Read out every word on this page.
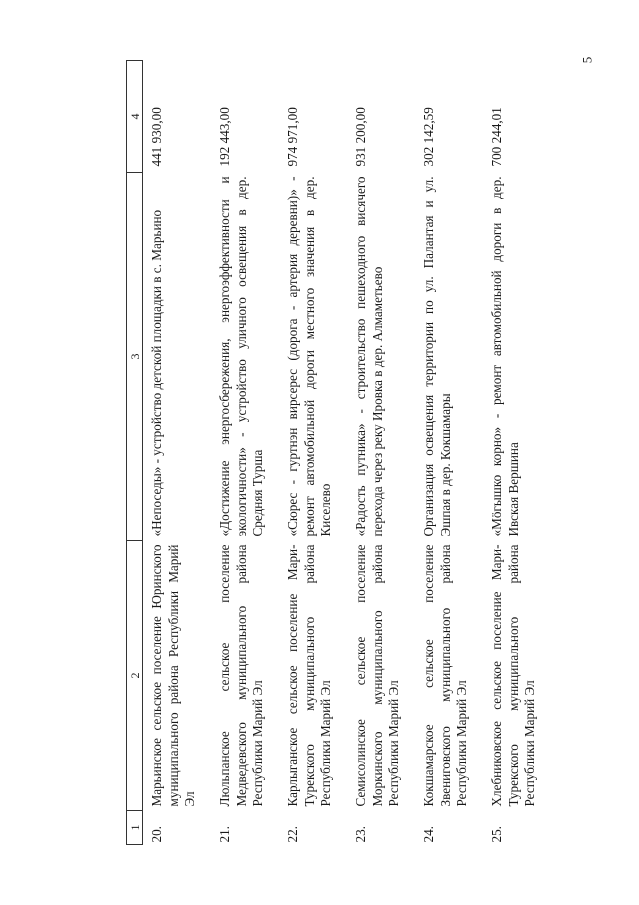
5
1	2	3	4
20.	Марьинское сельское поселение Юринского муниципального района Республики Марий Эл	«Непоседы» - устройство детской площадки в с. Марьино	441 930,00
21.	Люльпанское сельское поселение Медведевского муниципального района Республики Марий Эл	«Достижение энергосбережения, энергоэффективности и экологичности» - устройство уличного освещения в дер. Средняя Турша	192 443,00
22.	Карлыганское сельское поселение Мари-Турекского муниципального района Республики Марий Эл	«Сюрес - гуртнэн вирсерес (дорога - артерия деревни)» - ремонт автомобильной дороги местного значения в дер. Киселево	974 971,00
23.	Семисолинское сельское поселение Моркинского муниципального района Республики Марий Эл	«Радость путника» - строительство пешеходного висячего перехода через реку Ировка в дер. Алмаметьево	931 200,00
24.	Кокшамарское сельское поселение Звениговского муниципального района Республики Марий Эл	Организация освещения территории по ул. Палантая и ул. Эшпая в дер. Кокшамары	302 142,59
25.	Хлебниковское сельское поселение Мари-Турекского муниципального района Республики Марий Эл	«Мöгышко корно» - ремонт автомобильной дороги в дер. Ивская Вершина	700 244,01
